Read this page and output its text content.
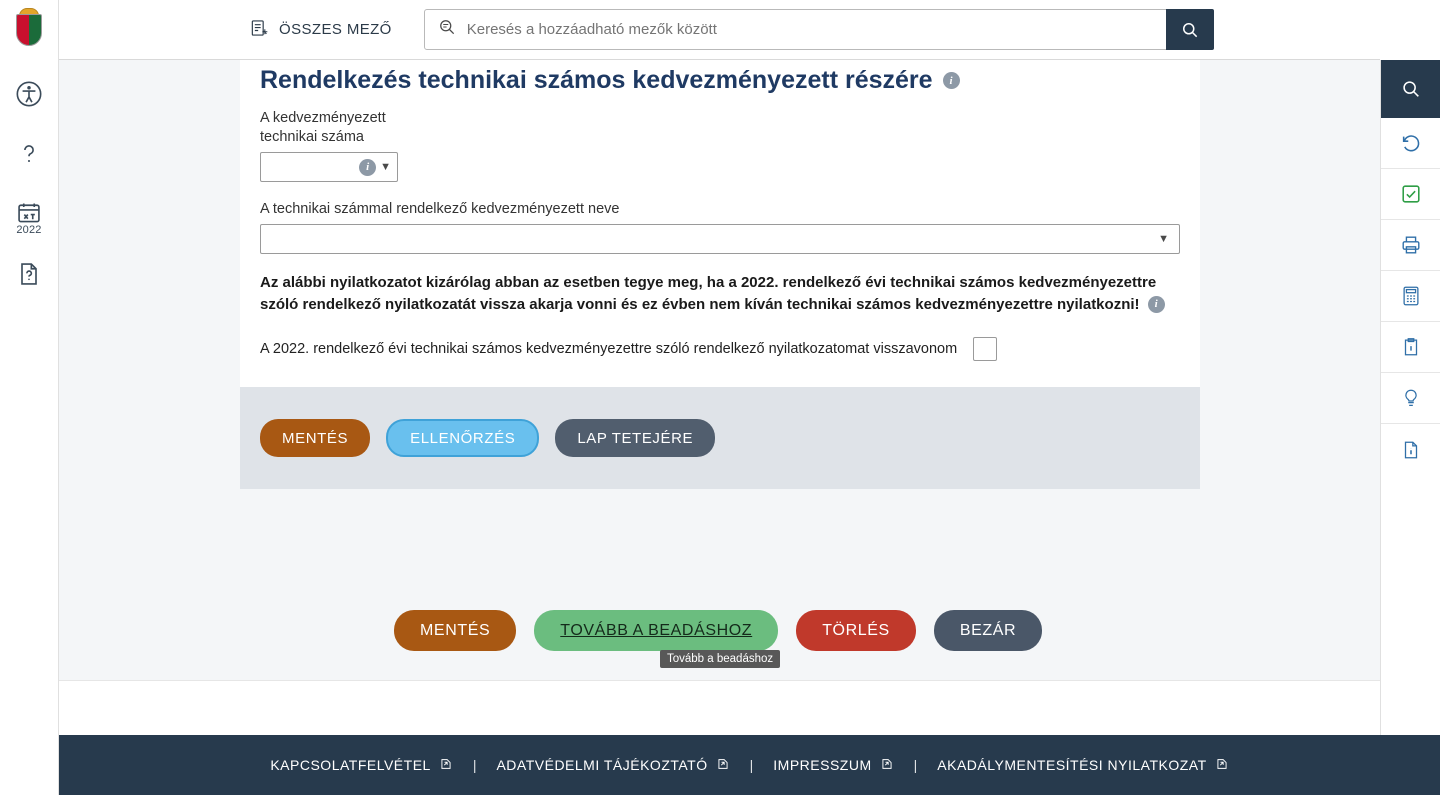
2022
ÖSSZES MEZŐ
Keresés a hozzáadható mezők között
Rendelkezés technikai számos kedvezményezett részére	i
A kedvezményezett
technikai száma
i ▼
A technikai számmal rendelkező kedvezményezett neve
▼
Az alábbi nyilatkozatot kizárólag abban az esetben tegye meg, ha a 2022. rendelkező évi technikai számos kedvezményezettre szóló rendelkező nyilatkozatát vissza akarja vonni és ez évben nem kíván technikai számos kedvezményezettre nyilatkozni! i
A 2022. rendelkező évi technikai számos kedvezményezettre szóló rendelkező nyilatkozatomat visszavonom
MENTÉS	ELLENŐRZÉS	LAP TETEJÉRE
MENTÉS	TOVÁBB A BEADÁSHOZ	TÖRLÉS	BEZÁR
Tovább a beadáshoz
KAPCSOLATFELVÉTEL	| ADATVÉDELMI TÁJÉKOZTATÓ	| IMPRESSZUM	| AKADÁLYMENTESÍTÉSI NYILATKOZAT
